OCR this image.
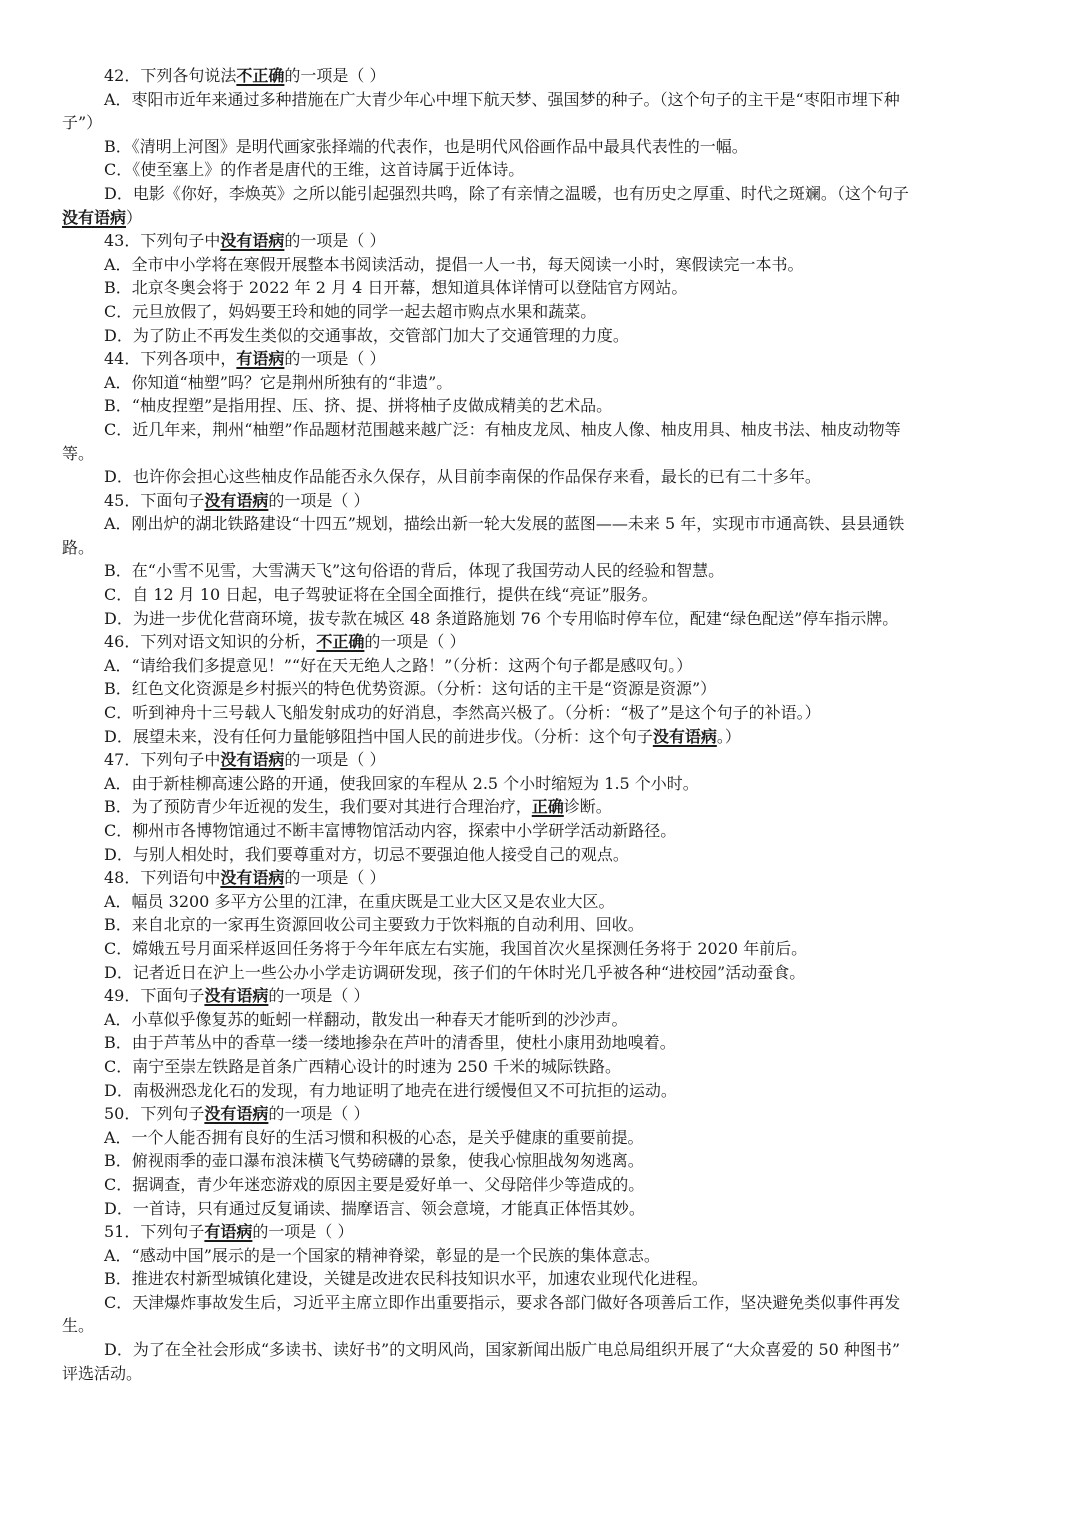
42．下列各句说法不正确的一项是（ ）

A．枣阳市近年来通过多种措施在广大青少年心中埋下航天梦、强国梦的种子。（这个句子的主干是“枣阳市埋下种

子”）

B．《清明上河图》是明代画家张择端的代表作，也是明代风俗画作品中最具代表性的一幅。

C．《使至塞上》的作者是唐代的王维，这首诗属于近体诗。

D．电影《你好，李焕英》之所以能引起强烈共鸣，除了有亲情之温暖，也有历史之厚重、时代之斑斓。（这个句子

没有语病）

43．下列句子中没有语病的一项是（ ）

A．全市中小学将在寒假开展整本书阅读活动，提倡一人一书，每天阅读一小时，寒假读完一本书。

B．北京冬奥会将于 2022 年 2 月 4 日开幕，想知道具体详情可以登陆官方网站。

C．元旦放假了，妈妈要王玲和她的同学一起去超市购点水果和蔬菜。

D．为了防止不再发生类似的交通事故，交管部门加大了交通管理的力度。

44．下列各项中，有语病的一项是（ ）

A．你知道“柚塑”吗？它是荆州所独有的“非遗”。

B．“柚皮捏塑”是指用捏、压、挤、提、拼将柚子皮做成精美的艺术品。

C．近几年来，荆州“柚塑”作品题材范围越来越广泛：有柚皮龙凤、柚皮人像、柚皮用具、柚皮书法、柚皮动物等

等。

D．也许你会担心这些柚皮作品能否永久保存，从目前李南保的作品保存来看，最长的已有二十多年。

45．下面句子没有语病的一项是（ ）

A．刚出炉的湖北铁路建设“十四五”规划，描绘出新一轮大发展的蓝图——未来 5 年，实现市市通高铁、县县通铁

路。

B．在“小雪不见雪，大雪满天飞”这句俗语的背后，体现了我国劳动人民的经验和智慧。

C．自 12 月 10 日起，电子驾驶证将在全国全面推行，提供在线“亮证”服务。

D．为进一步优化营商环境，拔专款在城区 48 条道路施划 76 个专用临时停车位，配建“绿色配送”停车指示牌。

46．下列对语文知识的分析，不正确的一项是（ ）

A．“请给我们多提意见！”“好在天无绝人之路！”（分析：这两个句子都是感叹句。）

B．红色文化资源是乡村振兴的特色优势资源。（分析：这句话的主干是“资源是资源”）

C．听到神舟十三号载人飞船发射成功的好消息，李然高兴极了。（分析：“极了”是这个句子的补语。）

D．展望未来，没有任何力量能够阻挡中国人民的前进步伐。（分析：这个句子没有语病。）

47．下列句子中没有语病的一项是（ ）

A．由于新桂柳高速公路的开通，使我回家的车程从 2.5 个小时缩短为 1.5 个小时。

B．为了预防青少年近视的发生，我们要对其进行合理治疗，正确诊断。

C．柳州市各博物馆通过不断丰富博物馆活动内容，探索中小学研学活动新路径。

D．与别人相处时，我们要尊重对方，切忌不要强迫他人接受自己的观点。

48．下列语句中没有语病的一项是（ ）

A．幅员 3200 多平方公里的江津，在重庆既是工业大区又是农业大区。

B．来自北京的一家再生资源回收公司主要致力于饮料瓶的自动利用、回收。

C．嫦娥五号月面采样返回任务将于今年年底左右实施，我国首次火星探测任务将于 2020 年前后。

D．记者近日在沪上一些公办小学走访调研发现，孩子们的午休时光几乎被各种“进校园”活动蚕食。

49．下面句子没有语病的一项是（ ）

A．小草似乎像复苏的蚯蚓一样翻动，散发出一种春天才能听到的沙沙声。

B．由于芦苇丛中的香草一缕一缕地掺杂在芦叶的清香里，使杜小康用劲地嗅着。

C．南宁至崇左铁路是首条广西精心设计的时速为 250 千米的城际铁路。

D．南极洲恐龙化石的发现，有力地证明了地壳在进行缓慢但又不可抗拒的运动。

50．下列句子没有语病的一项是（ ）

A．一个人能否拥有良好的生活习惯和积极的心态，是关乎健康的重要前提。

B．俯视雨季的壶口瀑布浪沫横飞气势磅礴的景象，使我心惊胆战匆匆逃离。

C．据调查，青少年迷恋游戏的原因主要是爱好单一、父母陪伴少等造成的。

D．一首诗，只有通过反复诵读、揣摩语言、领会意境，才能真正体悟其妙。

51．下列句子有语病的一项是（ ）

A．“感动中国”展示的是一个国家的精神脊梁，彰显的是一个民族的集体意志。

B．推进农村新型城镇化建设，关键是改进农民科技知识水平，加速农业现代化进程。

C．天津爆炸事故发生后，习近平主席立即作出重要指示，要求各部门做好各项善后工作，坚决避免类似事件再发

生。

D．为了在全社会形成“多读书、读好书”的文明风尚，国家新闻出版广电总局组织开展了“大众喜爱的 50 种图书”

评选活动。
